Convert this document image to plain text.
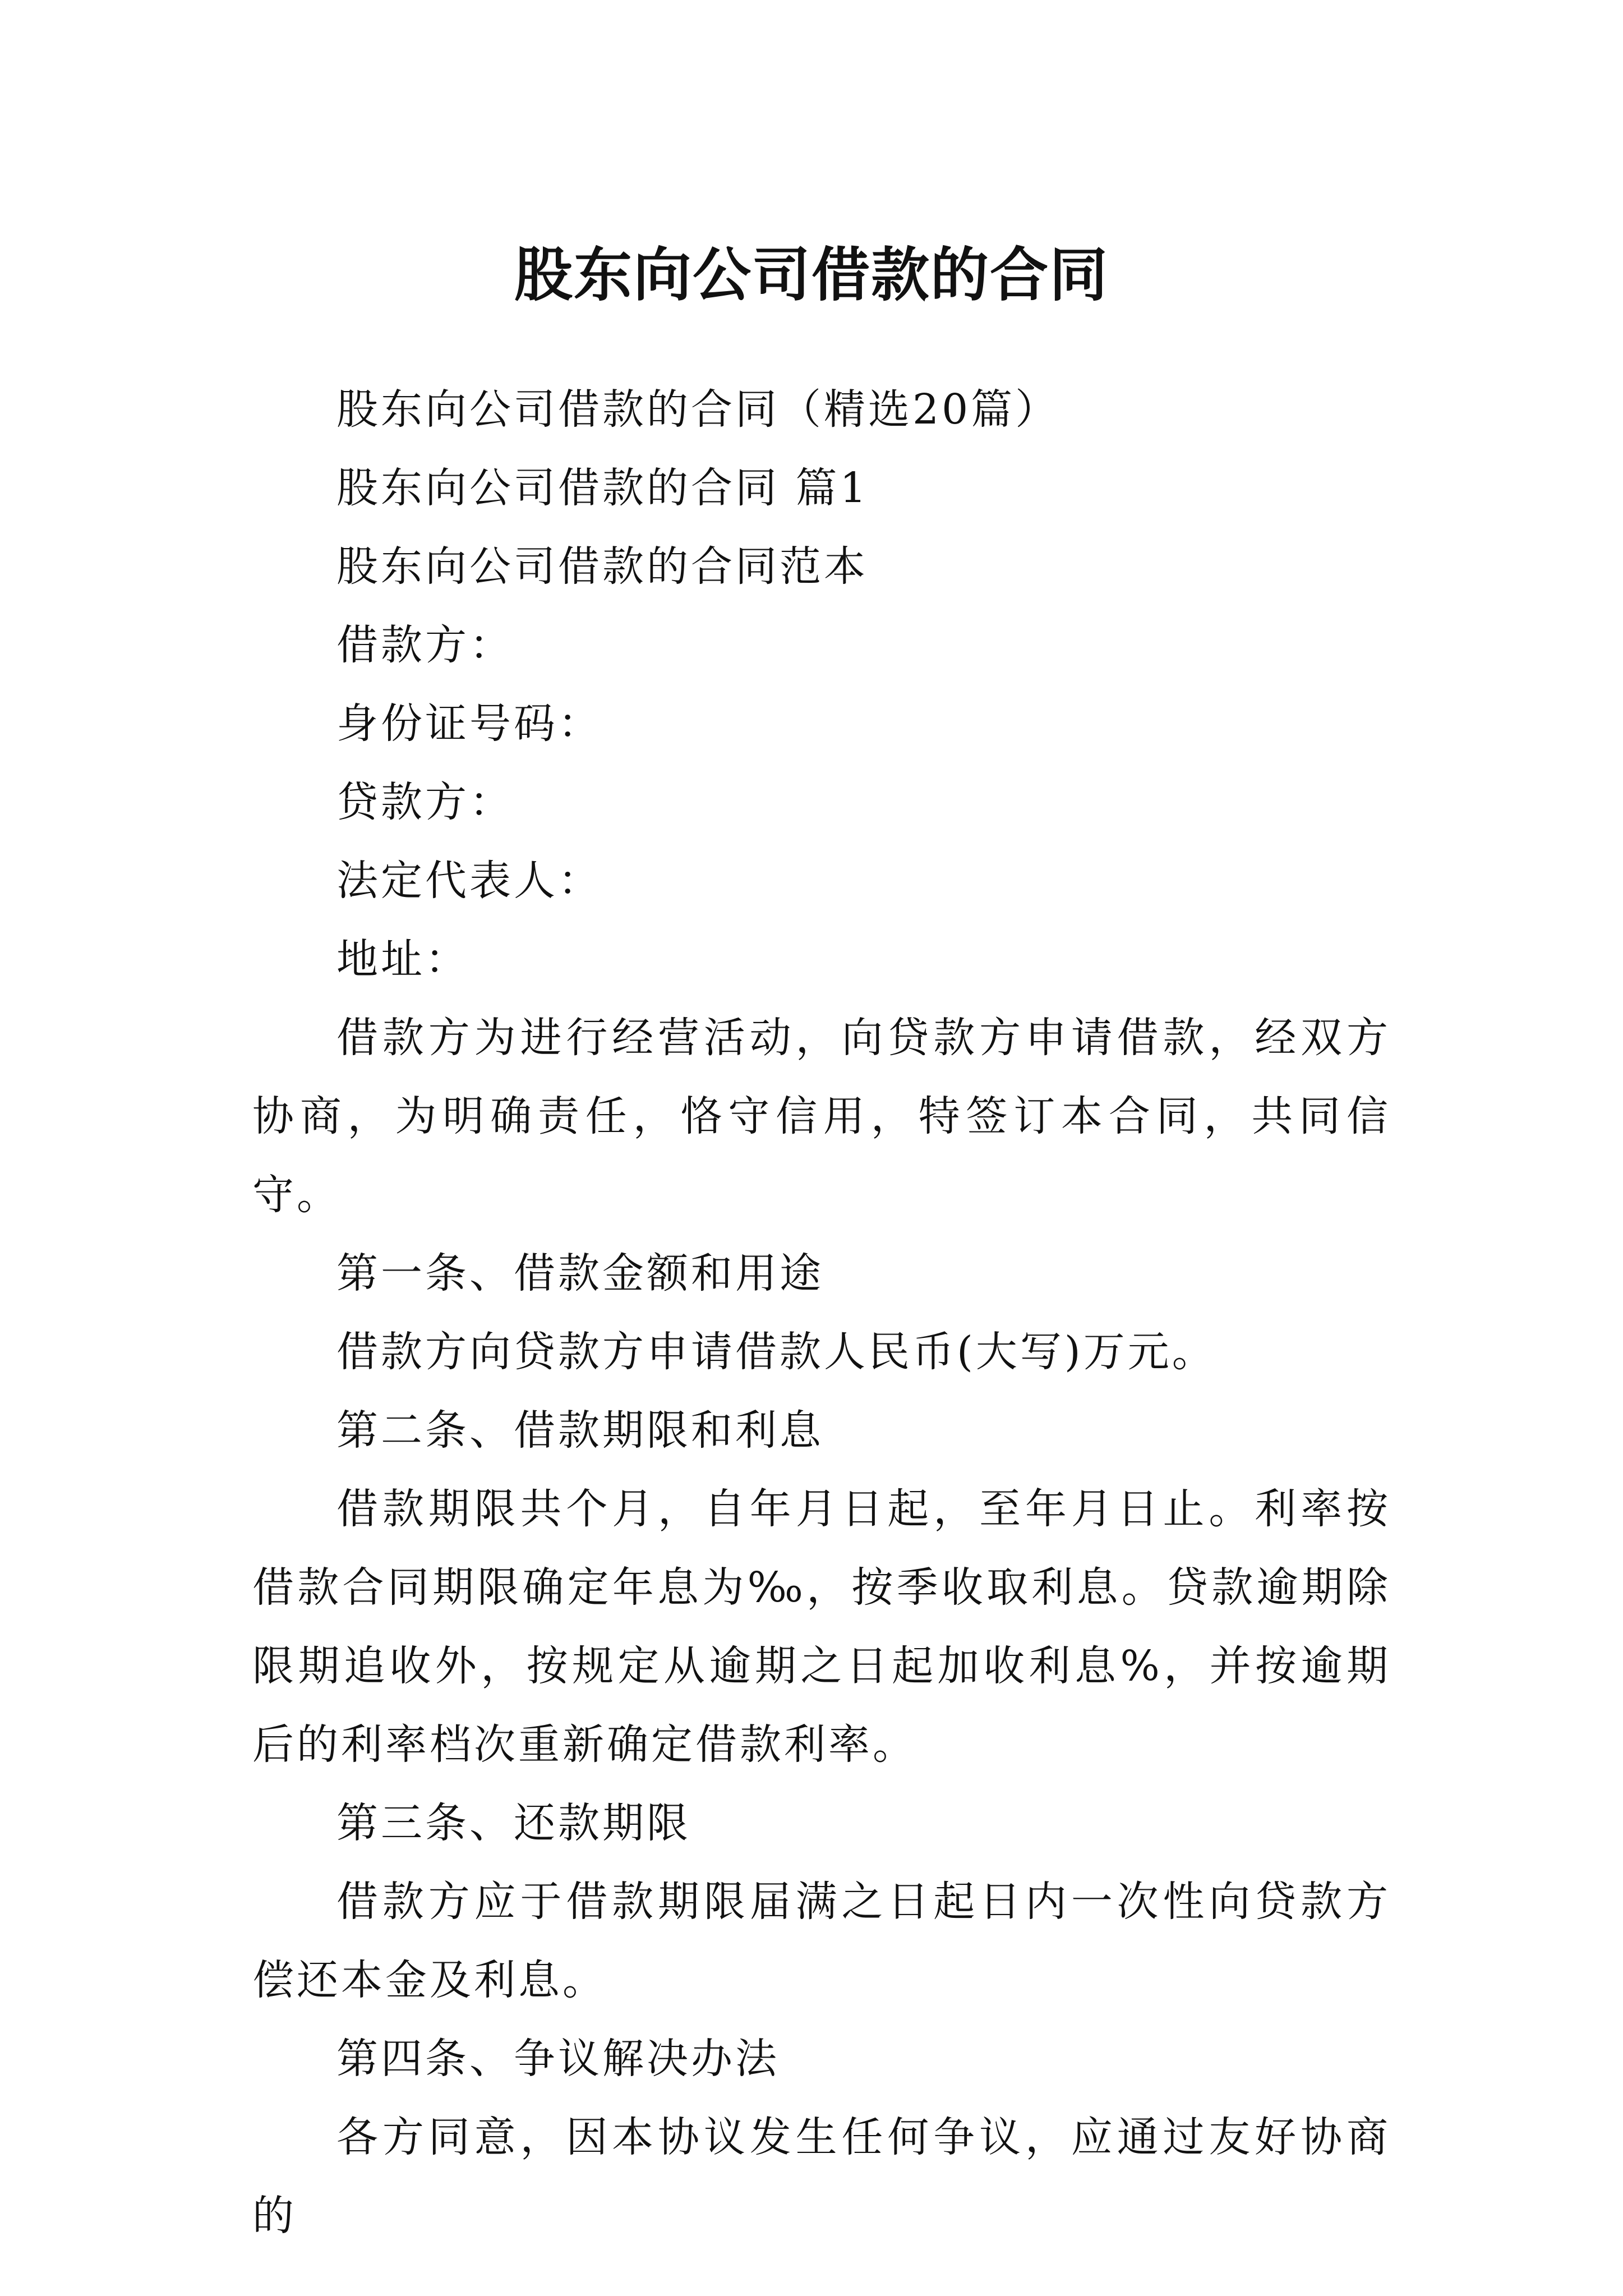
股东向公司借款的合同

股东向公司借款的合同（精选20篇）

股东向公司借款的合同 篇1

股东向公司借款的合同范本

借款方：

身份证号码：

贷款方：

法定代表人：

地址：

借款方为进行经营活动，向贷款方申请借款，经双方协商，为明确责任，恪守信用，特签订本合同，共同信守。

第一条、借款金额和用途

借款方向贷款方申请借款人民币(大写)万元。

第二条、借款期限和利息

借款期限共个月，自年月日起，至年月日止。利率按借款合同期限确定年息为‰，按季收取利息。贷款逾期除限期追收外，按规定从逾期之日起加收利息%，并按逾期后的利率档次重新确定借款利率。

第三条、还款期限

借款方应于借款期限届满之日起日内一次性向贷款方偿还本金及利息。

第四条、争议解决办法

各方同意，因本协议发生任何争议，应通过友好协商的
